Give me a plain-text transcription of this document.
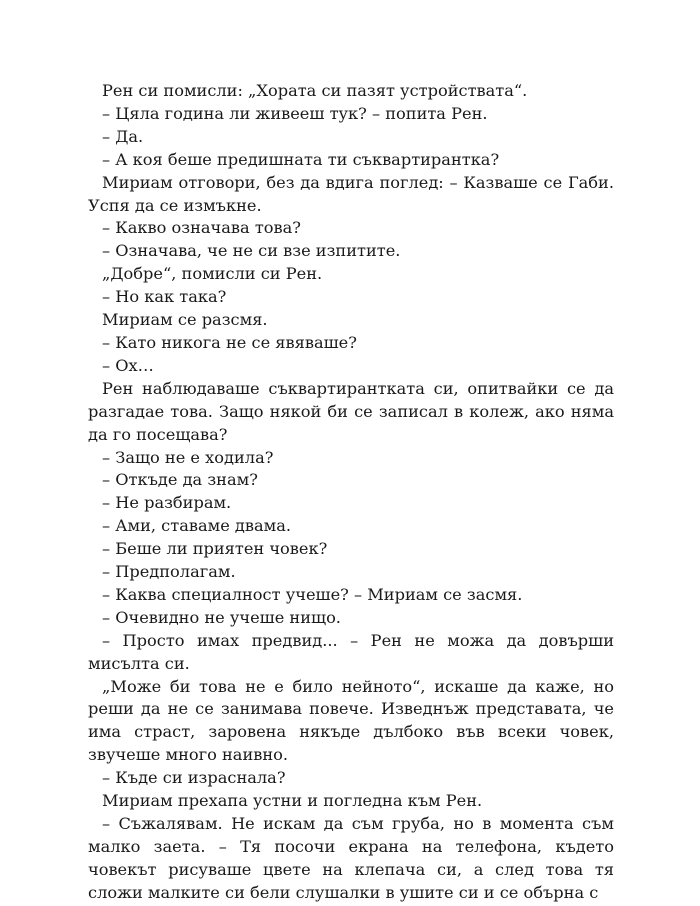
Рен си помисли: „Хората си пазят устройствата“.

– Цяла година ли живееш тук? – попита Рен.

– Да.

– А коя беше предишната ти съквартирантка?

Мириам отговори, без да вдига поглед: – Казваше се Габи. Успя да се измъкне.

– Какво означава това?

– Означава, че не си взе изпитите.

„Добре“, помисли си Рен.

– Но как така?

Мириам се разсмя.

– Като никога не се явяваше?

– Ох…

Рен наблюдаваше съквартирантката си, опитвайки се да разгадае това. Защо някой би се записал в колеж, ако няма да го посещава?

– Защо не е ходила?

– Откъде да знам?

– Не разбирам.

– Ами, ставаме двама.

– Беше ли приятен човек?

– Предполагам.

– Каква специалност учеше? – Мириам се засмя.

– Очевидно не учеше нищо.

– Просто имах предвид... – Рен не можа да довърши мисълта си.

„Може би това не е било нейното“, искаше да каже, но реши да не се занимава повече. Изведнъж представата, че има страст, заровена някъде дълбоко във всеки човек, звучеше много наивно.

– Къде си израснала?

Мириам прехапа устни и погледна към Рен.

– Съжалявам. Не искам да съм груба, но в момента съм малко заета. – Тя посочи екрана на телефона, където човекът рисуваше цвете на клепача си, а след това тя сложи малките си бели слушалки в ушите си и се обърна с
